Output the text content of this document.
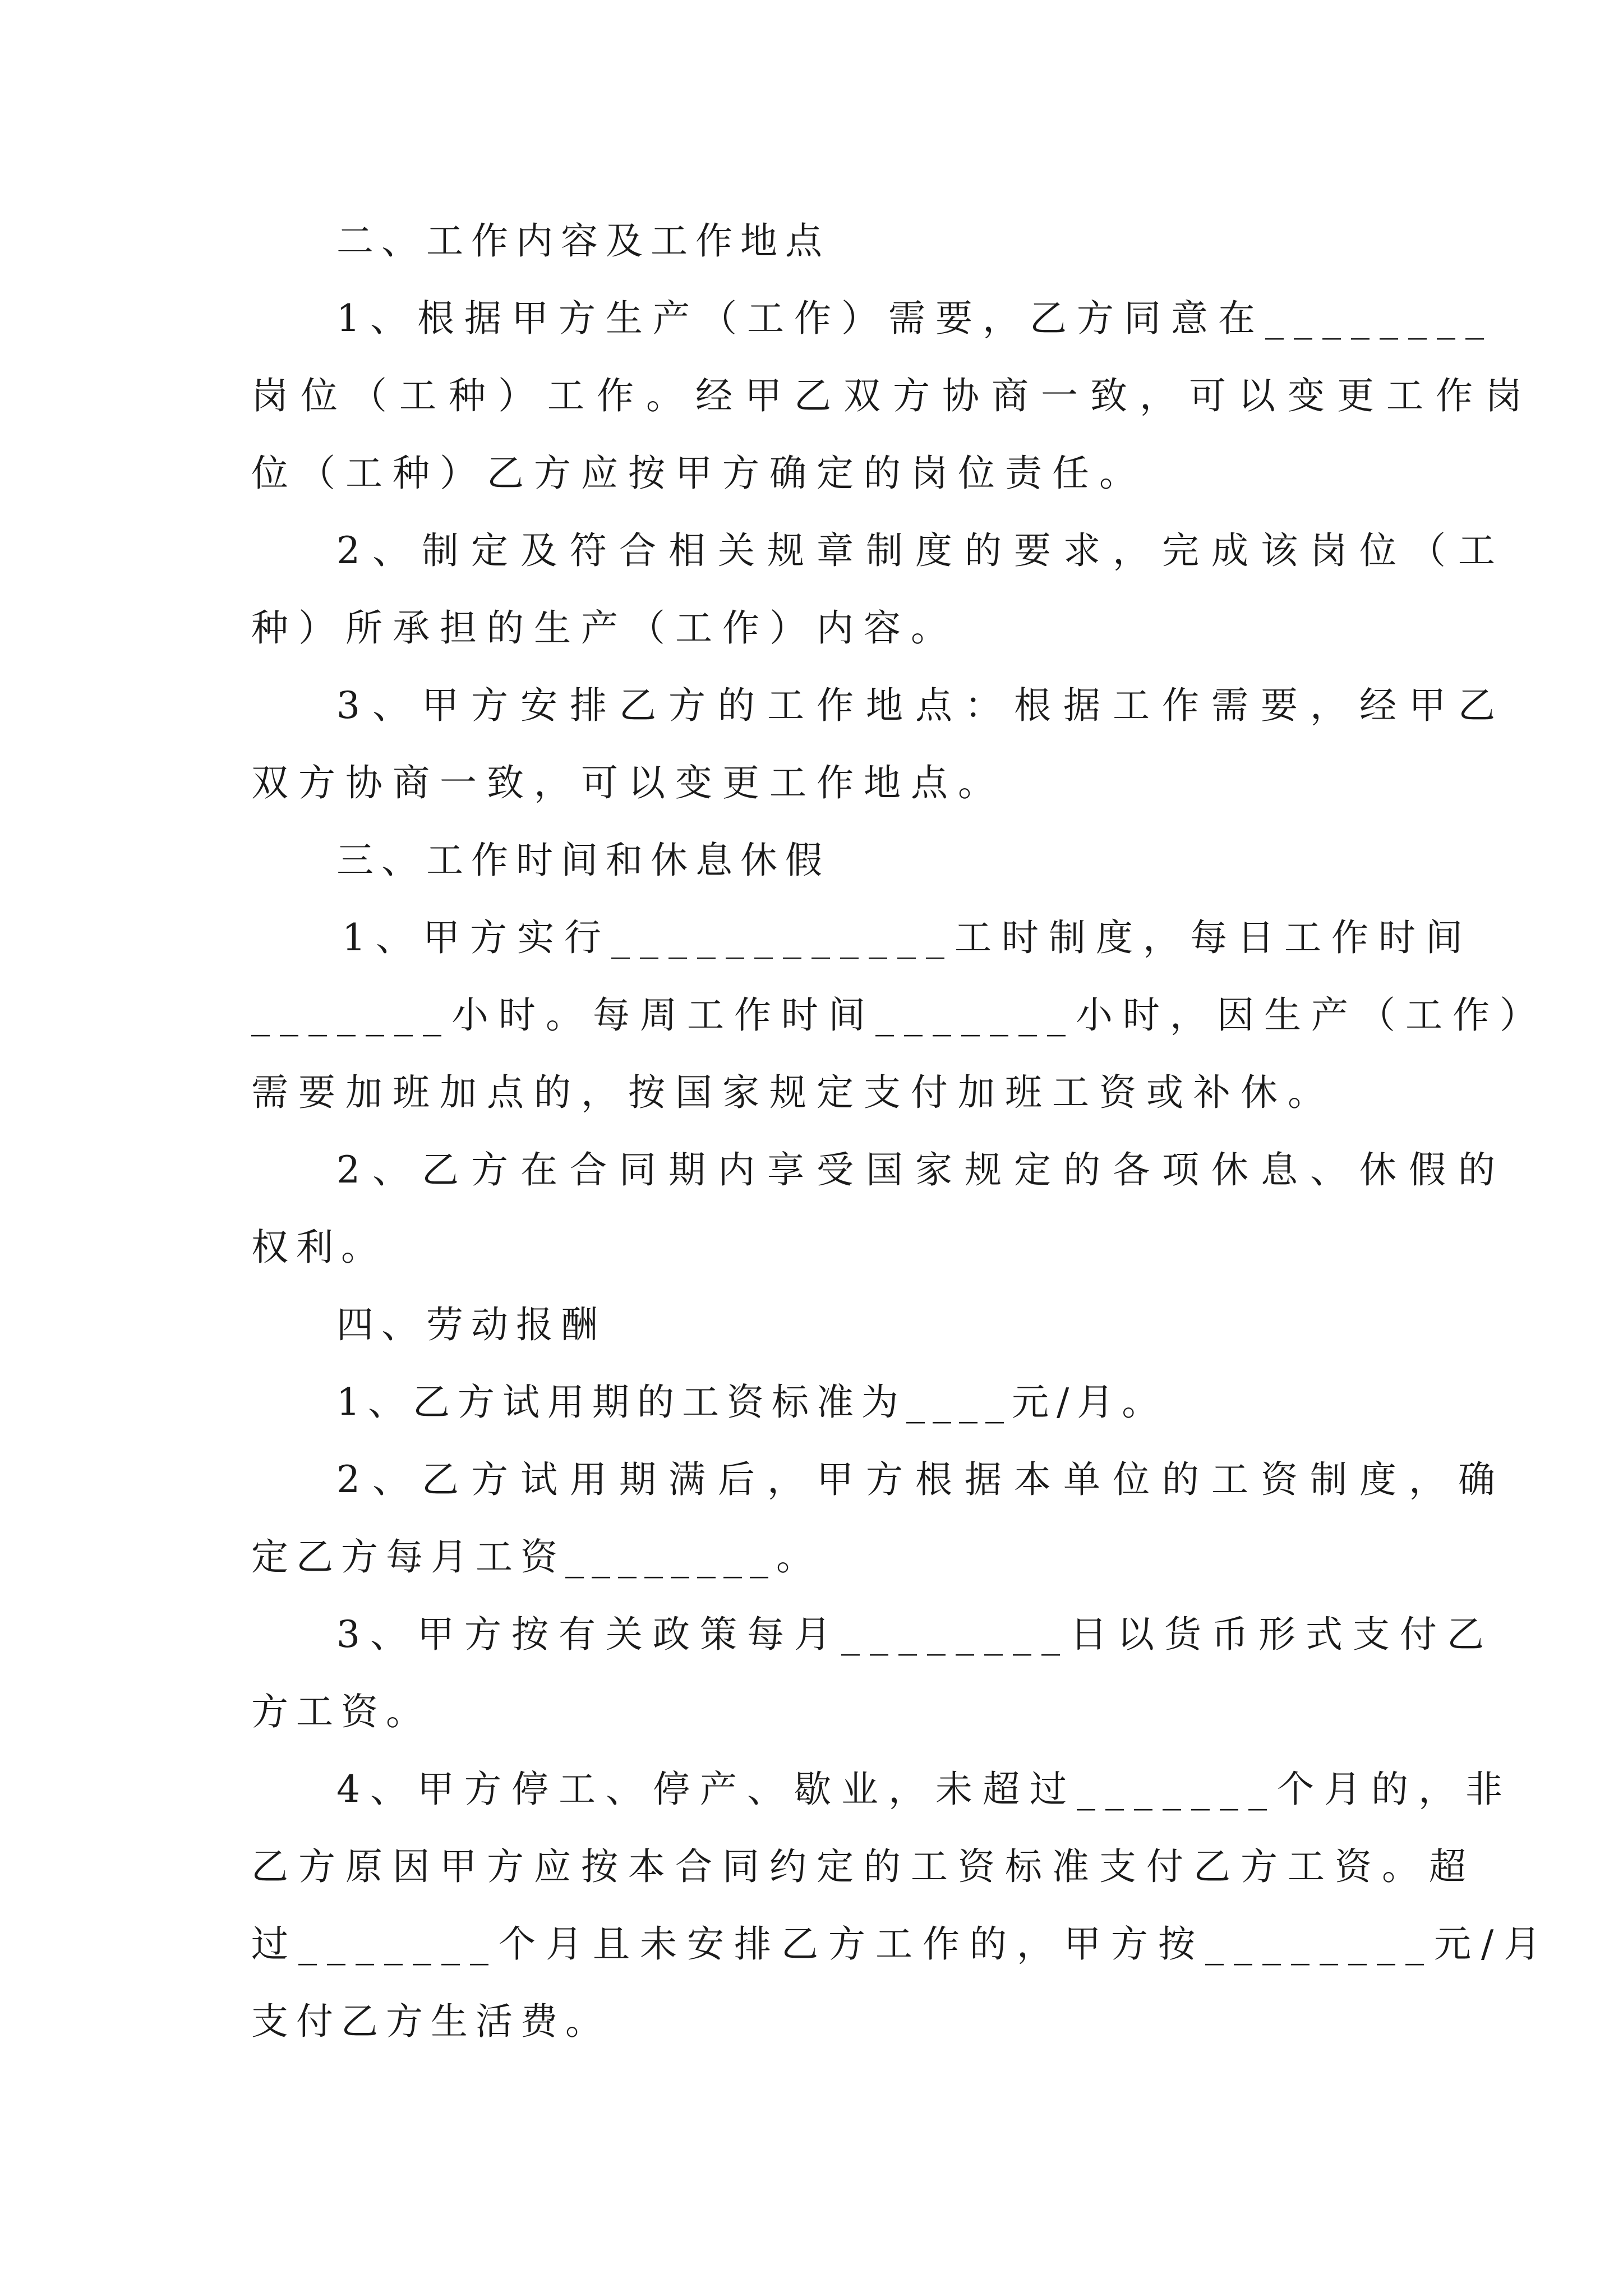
二、工作内容及工作地点

1、根据甲方生产（工作）需要，乙方同意在________

岗位（工种）工作。经甲乙双方协商一致，可以变更工作岗

位（工种）乙方应按甲方确定的岗位责任。

2、制定及符合相关规章制度的要求，完成该岗位（工

种）所承担的生产（工作）内容。

3、甲方安排乙方的工作地点：根据工作需要，经甲乙

双方协商一致，可以变更工作地点。

三、工作时间和休息休假

1、甲方实行____________工时制度，每日工作时间

_______小时。每周工作时间_______小时，因生产（工作）

需要加班加点的，按国家规定支付加班工资或补休。

2、乙方在合同期内享受国家规定的各项休息、休假的

权利。

四、劳动报酬

1、乙方试用期的工资标准为____元/月。

2、乙方试用期满后，甲方根据本单位的工资制度，确

定乙方每月工资________。

3、甲方按有关政策每月________日以货币形式支付乙

方工资。

4、甲方停工、停产、歇业，未超过_______个月的，非

乙方原因甲方应按本合同约定的工资标准支付乙方工资。超

过_______个月且未安排乙方工作的，甲方按________元/月

支付乙方生活费。
